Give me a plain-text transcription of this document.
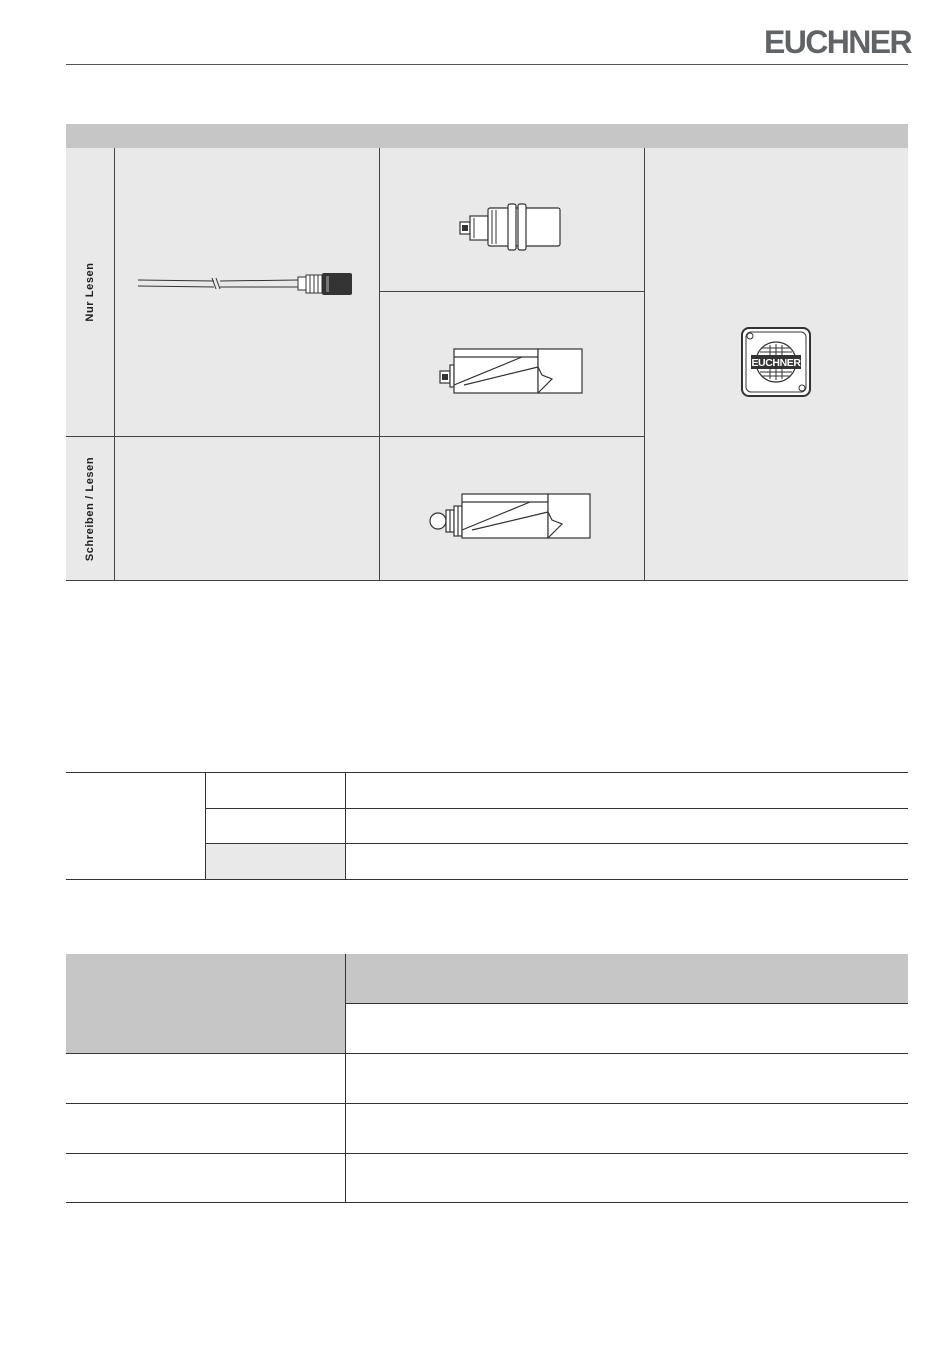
EUCHNER
Nur Lesen
Schreiben / Lesen
EUCHNER
